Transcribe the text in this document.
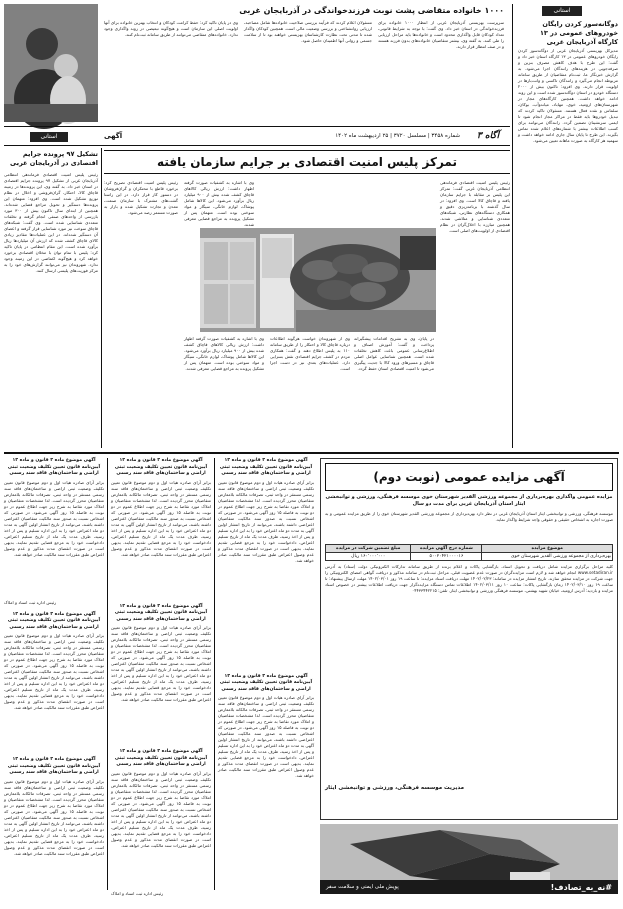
۱۰۰۰ خانواده متقاضی پشت نوبت فرزندخواندگی در آذربایجان غربی
سرپرست بهزیستی آذربایجان غربی از انتظار ۱۰۰۰ خانواده برای فرزندخواندگی در استان خبر داد. وی گفت: با توجه به شرایط قانونی، تعداد کودکان قابل واگذاری محدود است و خانواده‌ها باید مراحل ارزیابی را طی کنند. به گفته وی، بیشتر متقاضیان خانواده‌های بدون فرزند هستند و در صف انتظار قرار دارند.
مسئولان اعلام کردند که فرآیند بررسی صلاحیت خانواده‌ها شامل مصاحبه، ارزیابی روانشناختی و بررسی وضعیت مالی است. همچنین کودکان واگذار شده تا مدتی تحت نظارت کارشناسان بهزیستی خواهند بود تا از سلامت جسمی و روانی آنها اطمینان حاصل شود.
وی در پایان تاکید کرد: حفظ کرامت کودکان و انتخاب بهترین خانواده برای آنها اولویت اصلی این سازمان است و هیچ‌گونه تبعیضی در روند واگذاری وجود ندارد. خانواده‌های متقاضی می‌توانند از طریق سامانه ثبت‌نام کنند.
استانی
دوگانه‌سوز کردن رایگان خودروهای عمومی در ۱۳ کارگاه آذربایجان غربی
مدیرکل بهزیستی آذربایجان غربی از دوگانه‌سوز کردن رایگان خودروهای عمومی در ۱۳ کارگاه استان خبر داد و گفت: این طرح با هدف کاهش مصرف بنزین و صرفه‌جویی در هزینه‌های رانندگان اجرا می‌شود. به گزارش خبرنگار ما، ثبت‌نام متقاضیان از طریق سامانه مربوطه انجام می‌گیرد و رانندگان تاکسی و وانت‌بارها در اولویت قرار دارند. وی افزود: تاکنون بیش از ۲۰۰۰ دستگاه خودرو در استان دوگانه‌سوز شده است و این روند ادامه خواهد داشت. همچنین کارگاه‌های مجاز در شهرستان‌های ارومیه، خوی، مهاباد، میاندوآب، بوکان، سلماس و نقده فعال هستند. مسئولان تاکید کردند که تبدیل خودروها باید فقط در مراکز مجاز انجام شود تا ایمنی سرنشینان تضمین گردد. رانندگان می‌توانند برای کسب اطلاعات بیشتر با شماره‌های اعلام شده تماس بگیرند. این طرح تا پایان سال جاری ادامه خواهد داشت و سهمیه هر کارگاه به صورت ماهانه تعیین می‌شود.
آگاه ۳
شماره ۳۴۵۸ | مسلسل ۳۷۲۰ | ۲۵ اردیبهشت ماه ۱۴۰۲
آگهی
استانی
تشکیل ۹۷ پرونده جرایم اقتصادی در آذربایجان غربی
رئیس پلیس امنیت اقتصادی فرماندهی انتظامی آذربایجان غربی از تشکیل ۹۷ پرونده جرایم اقتصادی در استان خبر داد. به گفته وی، این پرونده‌ها در زمینه قاچاق کالا، احتکار، گران‌فروشی و اخلال در نظام توزیع تشکیل شده است. وی افزود: متهمان این پرونده‌ها دستگیر و تحویل مراجع قضایی شده‌اند. همچنین از ابتدای سال تاکنون بیش از ۳۰۰ مورد بازرسی از واحدهای صنفی انجام گرفته و تخلفات متعددی شناسایی شده است. وی گفت: شبکه‌های قاچاق سوخت نیز مورد شناسایی قرار گرفته و اعضای آن دستگیر شده‌اند. در این عملیات‌ها مقادیر زیادی کالای قاچاق کشف شده که ارزش آن میلیاردها ریال برآورد شده است. این مقام انتظامی در پایان تاکید کرد: پلیس با تمام توان با مخلان اقتصادی برخورد خواهد کرد و هیچ‌گونه اغماضی در این زمینه وجود ندارد. شهروندان نیز می‌توانند گزارش‌های خود را به مرکز فوریت‌های پلیسی ارسال کنند.
تمرکز پلیس امنیت اقتصادی بر جرایم سازمان یافته
رئیس پلیس امنیت اقتصادی فرماندهی انتظامی آذربایجان غربی گفت: تمرکز این پلیس بر مقابله با جرایم سازمان یافته و قاچاق کالا است. وی افزود: در سال گذشته با برنامه‌ریزی دقیق و همکاری دستگاه‌های نظارتی، شبکه‌های متعددی شناسایی و متلاشی شدند. همچنین مبارزه با اخلال‌گران در نظام اقتصادی از اولویت‌های اصلی است.
وی با اشاره به کشفیات صورت گرفته اظهار داشت: ارزش ریالی کالاهای قاچاق کشف شده بیش از ۹۰۰ میلیارد ریال برآورد می‌شود. این کالاها شامل پوشاک، لوازم خانگی، سیگار و مواد سوختی بوده است. متهمان پس از تشکیل پرونده به مراجع قضایی معرفی شدند.
رئیس پلیس امنیت اقتصادی تصریح کرد: برخورد قاطع با محتکران و گران‌فروشان در دستور کار قرار دارد. در این راستا گشت‌های مشترک با سازمان صنعت، معدن و تجارت تشکیل شده و بازار به صورت مستمر رصد می‌شود.
وی از شهروندان خواست هرگونه اطلاعات درباره قاچاق کالا و احتکار را از طریق سامانه ۱۱۰ به پلیس اطلاع دهند و گفت: همکاری مردم در کشف جرایم اقتصادی نقش بسزایی دارد. عملیات‌های بعدی نیز در دست اجرا است.
در پایان، وی به تشریح اقدامات پیشگیرانه پرداخت و گفت: آموزش اصناف و اطلاع‌رسانی عمومی باعث کاهش تخلفات شده است. همچنین شناسایی عوامل اصلی قاچاق و مسیرهای ورود کالا با جدیت پیگیری می‌شود تا امنیت اقتصادی استان حفظ گردد.
وی با اشاره به کشفیات صورت گرفته اظهار داشت: ارزش ریالی کالاهای قاچاق کشف شده بیش از ۹۰۰ میلیارد ریال برآورد می‌شود. این کالاها شامل پوشاک، لوازم خانگی، سیگار و مواد سوختی بوده است. متهمان پس از تشکیل پرونده به مراجع قضایی معرفی شدند.
آگهی موضوع ماده ۳ قانون و ماده ۱۳ آیین‌نامه قانون تعیین تکلیف وضعیت ثبتی اراضی و ساختمان‌های فاقد سند رسمی
برابر آرای صادره هیات اول و دوم موضوع قانون تعیین تکلیف وضعیت ثبتی اراضی و ساختمان‌های فاقد سند رسمی مستقر در واحد ثبتی، تصرفات مالکانه بلامعارض متقاضیان محرز گردیده است. لذا مشخصات متقاضیان و املاک مورد تقاضا به شرح زیر جهت اطلاع عموم در دو نوبت به فاصله ۱۵ روز آگهی می‌شود. در صورتی که اشخاص نسبت به صدور سند مالکیت متقاضیان اعتراضی داشته باشند، می‌توانند از تاریخ انتشار اولین آگهی به مدت دو ماه اعتراض خود را به این اداره تسلیم و پس از اخذ رسید، ظرف مدت یک ماه از تاریخ تسلیم اعتراض، دادخواست خود را به مرجع قضایی تقدیم نمایند. بدیهی است در صورت انقضای مدت مذکور و عدم وصول اعتراض طبق مقررات سند مالکیت صادر خواهد شد.
رئیس اداره ثبت اسناد و املاک
آگهی موضوع ماده ۳ قانون و ماده ۱۳ آیین‌نامه قانون تعیین تکلیف وضعیت ثبتی اراضی و ساختمان‌های فاقد سند رسمی
برابر آرای صادره هیات اول و دوم موضوع قانون تعیین تکلیف وضعیت ثبتی اراضی و ساختمان‌های فاقد سند رسمی مستقر در واحد ثبتی، تصرفات مالکانه بلامعارض متقاضیان محرز گردیده است. لذا مشخصات متقاضیان و املاک مورد تقاضا به شرح زیر جهت اطلاع عموم در دو نوبت به فاصله ۱۵ روز آگهی می‌شود. در صورتی که اشخاص نسبت به صدور سند مالکیت متقاضیان اعتراضی داشته باشند، می‌توانند از تاریخ انتشار اولین آگهی به مدت دو ماه اعتراض خود را به این اداره تسلیم و پس از اخذ رسید، ظرف مدت یک ماه از تاریخ تسلیم اعتراض، دادخواست خود را به مرجع قضایی تقدیم نمایند. بدیهی است در صورت انقضای مدت مذکور و عدم وصول اعتراض طبق مقررات سند مالکیت صادر خواهد شد.
آگهی موضوع ماده ۳ قانون و ماده ۱۳ آیین‌نامه قانون تعیین تکلیف وضعیت ثبتی اراضی و ساختمان‌های فاقد سند رسمی
برابر آرای صادره هیات اول و دوم موضوع قانون تعیین تکلیف وضعیت ثبتی اراضی و ساختمان‌های فاقد سند رسمی مستقر در واحد ثبتی، تصرفات مالکانه بلامعارض متقاضیان محرز گردیده است. لذا مشخصات متقاضیان و املاک مورد تقاضا به شرح زیر جهت اطلاع عموم در دو نوبت به فاصله ۱۵ روز آگهی می‌شود. در صورتی که اشخاص نسبت به صدور سند مالکیت متقاضیان اعتراضی داشته باشند، می‌توانند از تاریخ انتشار اولین آگهی به مدت دو ماه اعتراض خود را به این اداره تسلیم و پس از اخذ رسید، ظرف مدت یک ماه از تاریخ تسلیم اعتراض، دادخواست خود را به مرجع قضایی تقدیم نمایند. بدیهی است در صورت انقضای مدت مذکور و عدم وصول اعتراض طبق مقررات سند مالکیت صادر خواهد شد.
آگهی موضوع ماده ۳ قانون و ماده ۱۳ آیین‌نامه قانون تعیین تکلیف وضعیت ثبتی اراضی و ساختمان‌های فاقد سند رسمی
برابر آرای صادره هیات اول و دوم موضوع قانون تعیین تکلیف وضعیت ثبتی اراضی و ساختمان‌های فاقد سند رسمی مستقر در واحد ثبتی، تصرفات مالکانه بلامعارض متقاضیان محرز گردیده است. لذا مشخصات متقاضیان و املاک مورد تقاضا به شرح زیر جهت اطلاع عموم در دو نوبت به فاصله ۱۵ روز آگهی می‌شود. در صورتی که اشخاص نسبت به صدور سند مالکیت متقاضیان اعتراضی داشته باشند، می‌توانند از تاریخ انتشار اولین آگهی به مدت دو ماه اعتراض خود را به این اداره تسلیم و پس از اخذ رسید، ظرف مدت یک ماه از تاریخ تسلیم اعتراض، دادخواست خود را به مرجع قضایی تقدیم نمایند. بدیهی است در صورت انقضای مدت مذکور و عدم وصول اعتراض طبق مقررات سند مالکیت صادر خواهد شد.
آگهی موضوع ماده ۳ قانون و ماده ۱۳ آیین‌نامه قانون تعیین تکلیف وضعیت ثبتی اراضی و ساختمان‌های فاقد سند رسمی
برابر آرای صادره هیات اول و دوم موضوع قانون تعیین تکلیف وضعیت ثبتی اراضی و ساختمان‌های فاقد سند رسمی مستقر در واحد ثبتی، تصرفات مالکانه بلامعارض متقاضیان محرز گردیده است. لذا مشخصات متقاضیان و املاک مورد تقاضا به شرح زیر جهت اطلاع عموم در دو نوبت به فاصله ۱۵ روز آگهی می‌شود. در صورتی که اشخاص نسبت به صدور سند مالکیت متقاضیان اعتراضی داشته باشند، می‌توانند از تاریخ انتشار اولین آگهی به مدت دو ماه اعتراض خود را به این اداره تسلیم و پس از اخذ رسید، ظرف مدت یک ماه از تاریخ تسلیم اعتراض، دادخواست خود را به مرجع قضایی تقدیم نمایند. بدیهی است در صورت انقضای مدت مذکور و عدم وصول اعتراض طبق مقررات سند مالکیت صادر خواهد شد.
آگهی موضوع ماده ۳ قانون و ماده ۱۳ آیین‌نامه قانون تعیین تکلیف وضعیت ثبتی اراضی و ساختمان‌های فاقد سند رسمی
برابر آرای صادره هیات اول و دوم موضوع قانون تعیین تکلیف وضعیت ثبتی اراضی و ساختمان‌های فاقد سند رسمی مستقر در واحد ثبتی، تصرفات مالکانه بلامعارض متقاضیان محرز گردیده است. لذا مشخصات متقاضیان و املاک مورد تقاضا به شرح زیر جهت اطلاع عموم در دو نوبت به فاصله ۱۵ روز آگهی می‌شود. در صورتی که اشخاص نسبت به صدور سند مالکیت متقاضیان اعتراضی داشته باشند، می‌توانند از تاریخ انتشار اولین آگهی به مدت دو ماه اعتراض خود را به این اداره تسلیم و پس از اخذ رسید، ظرف مدت یک ماه از تاریخ تسلیم اعتراض، دادخواست خود را به مرجع قضایی تقدیم نمایند. بدیهی است در صورت انقضای مدت مذکور و عدم وصول اعتراض طبق مقررات سند مالکیت صادر خواهد شد.
رئیس اداره ثبت اسناد و املاک
آگهی موضوع ماده ۳ قانون و ماده ۱۳ آیین‌نامه قانون تعیین تکلیف وضعیت ثبتی اراضی و ساختمان‌های فاقد سند رسمی
برابر آرای صادره هیات اول و دوم موضوع قانون تعیین تکلیف وضعیت ثبتی اراضی و ساختمان‌های فاقد سند رسمی مستقر در واحد ثبتی، تصرفات مالکانه بلامعارض متقاضیان محرز گردیده است. لذا مشخصات متقاضیان و املاک مورد تقاضا به شرح زیر جهت اطلاع عموم در دو نوبت به فاصله ۱۵ روز آگهی می‌شود. در صورتی که اشخاص نسبت به صدور سند مالکیت متقاضیان اعتراضی داشته باشند، می‌توانند از تاریخ انتشار اولین آگهی به مدت دو ماه اعتراض خود را به این اداره تسلیم و پس از اخذ رسید، ظرف مدت یک ماه از تاریخ تسلیم اعتراض، دادخواست خود را به مرجع قضایی تقدیم نمایند. بدیهی است در صورت انقضای مدت مذکور و عدم وصول اعتراض طبق مقررات سند مالکیت صادر خواهد شد.
آگهی موضوع ماده ۳ قانون و ماده ۱۳ آیین‌نامه قانون تعیین تکلیف وضعیت ثبتی اراضی و ساختمان‌های فاقد سند رسمی
برابر آرای صادره هیات اول و دوم موضوع قانون تعیین تکلیف وضعیت ثبتی اراضی و ساختمان‌های فاقد سند رسمی مستقر در واحد ثبتی، تصرفات مالکانه بلامعارض متقاضیان محرز گردیده است. لذا مشخصات متقاضیان و املاک مورد تقاضا به شرح زیر جهت اطلاع عموم در دو نوبت به فاصله ۱۵ روز آگهی می‌شود. در صورتی که اشخاص نسبت به صدور سند مالکیت متقاضیان اعتراضی داشته باشند، می‌توانند از تاریخ انتشار اولین آگهی به مدت دو ماه اعتراض خود را به این اداره تسلیم و پس از اخذ رسید، ظرف مدت یک ماه از تاریخ تسلیم اعتراض، دادخواست خود را به مرجع قضایی تقدیم نمایند. بدیهی است در صورت انقضای مدت مذکور و عدم وصول اعتراض طبق مقررات سند مالکیت صادر خواهد شد.
آگهی مزایده عمومی (نوبت دوم)
مزایده عمومی واگذاری بهره‌برداری از مجموعه ورزشی القدیر شهرستان خوی موسسه فرهنگی، ورزشی و توانبخشی ایثار استان آذربایجان غربی برای مدت دو سال
موسسه فرهنگی، ورزشی و توانبخشی ایثار استان آذربایجان غربی در نظر دارد بهره‌برداری از مجموعه ورزشی القدیر شهرستان خوی را از طریق مزایده عمومی و به صورت اجاره به اشخاص حقیقی و حقوقی واجد شرایط واگذار نماید.
موضوع مزایده	شماره درج آگهی مزایده	مبلغ تضمین شرکت در مزایده
بهره‌برداری از مجموعه ورزشی القدیر شهرستان خوی	۵۰۰۲۰۴۲۱۰۰۰۰۱۶	۱۶۰٬۰۰۰٬۰۰۰ ریال
کلیه مراحل برگزاری مزایده شامل دریافت و تحویل اسناد، بازگشایی پاکات و اعلام برنده از طریق سامانه تدارکات الکترونیکی دولت (ستاد) به آدرس www.setadiran.ir انجام خواهد شد و لازم است مزایده‌گران در صورت عدم عضویت قبلی، مراحل ثبت‌نام در سامانه مذکور و دریافت گواهی امضای الکترونیکی را جهت شرکت در مزایده محقق سازند. تاریخ انتشار مزایده در سامانه: ۱۴۰۲/۰۲/۲۳ مهلت دریافت اسناد مزایده: تا ساعت ۱۹ روز ۱۴۰۲/۰۳/۰۱ مهلت ارسال پیشنهاد: تا ساعت ۱۹ روز ۱۴۰۲/۰۳/۱۰ زمان بازگشایی پاکات: ساعت ۱۰ روز ۱۴۰۲/۰۳/۱۱ اطلاعات تماس دستگاه مزایده‌گزار جهت دریافت اطلاعات بیشتر در خصوص اسناد مزایده و بازدید: آدرس ارومیه، خیابان شهید بهشتی، موسسه فرهنگی ورزشی و توانبخشی ایثار. تلفن: ۰۴۴۳۳۴۴۲۲۱۵
مدیریت موسسه فرهنگی، ورزشی و توانبخشی ایثار
#نه_به_تصادف!
پویش ملی ایمنی و سلامت سفر
